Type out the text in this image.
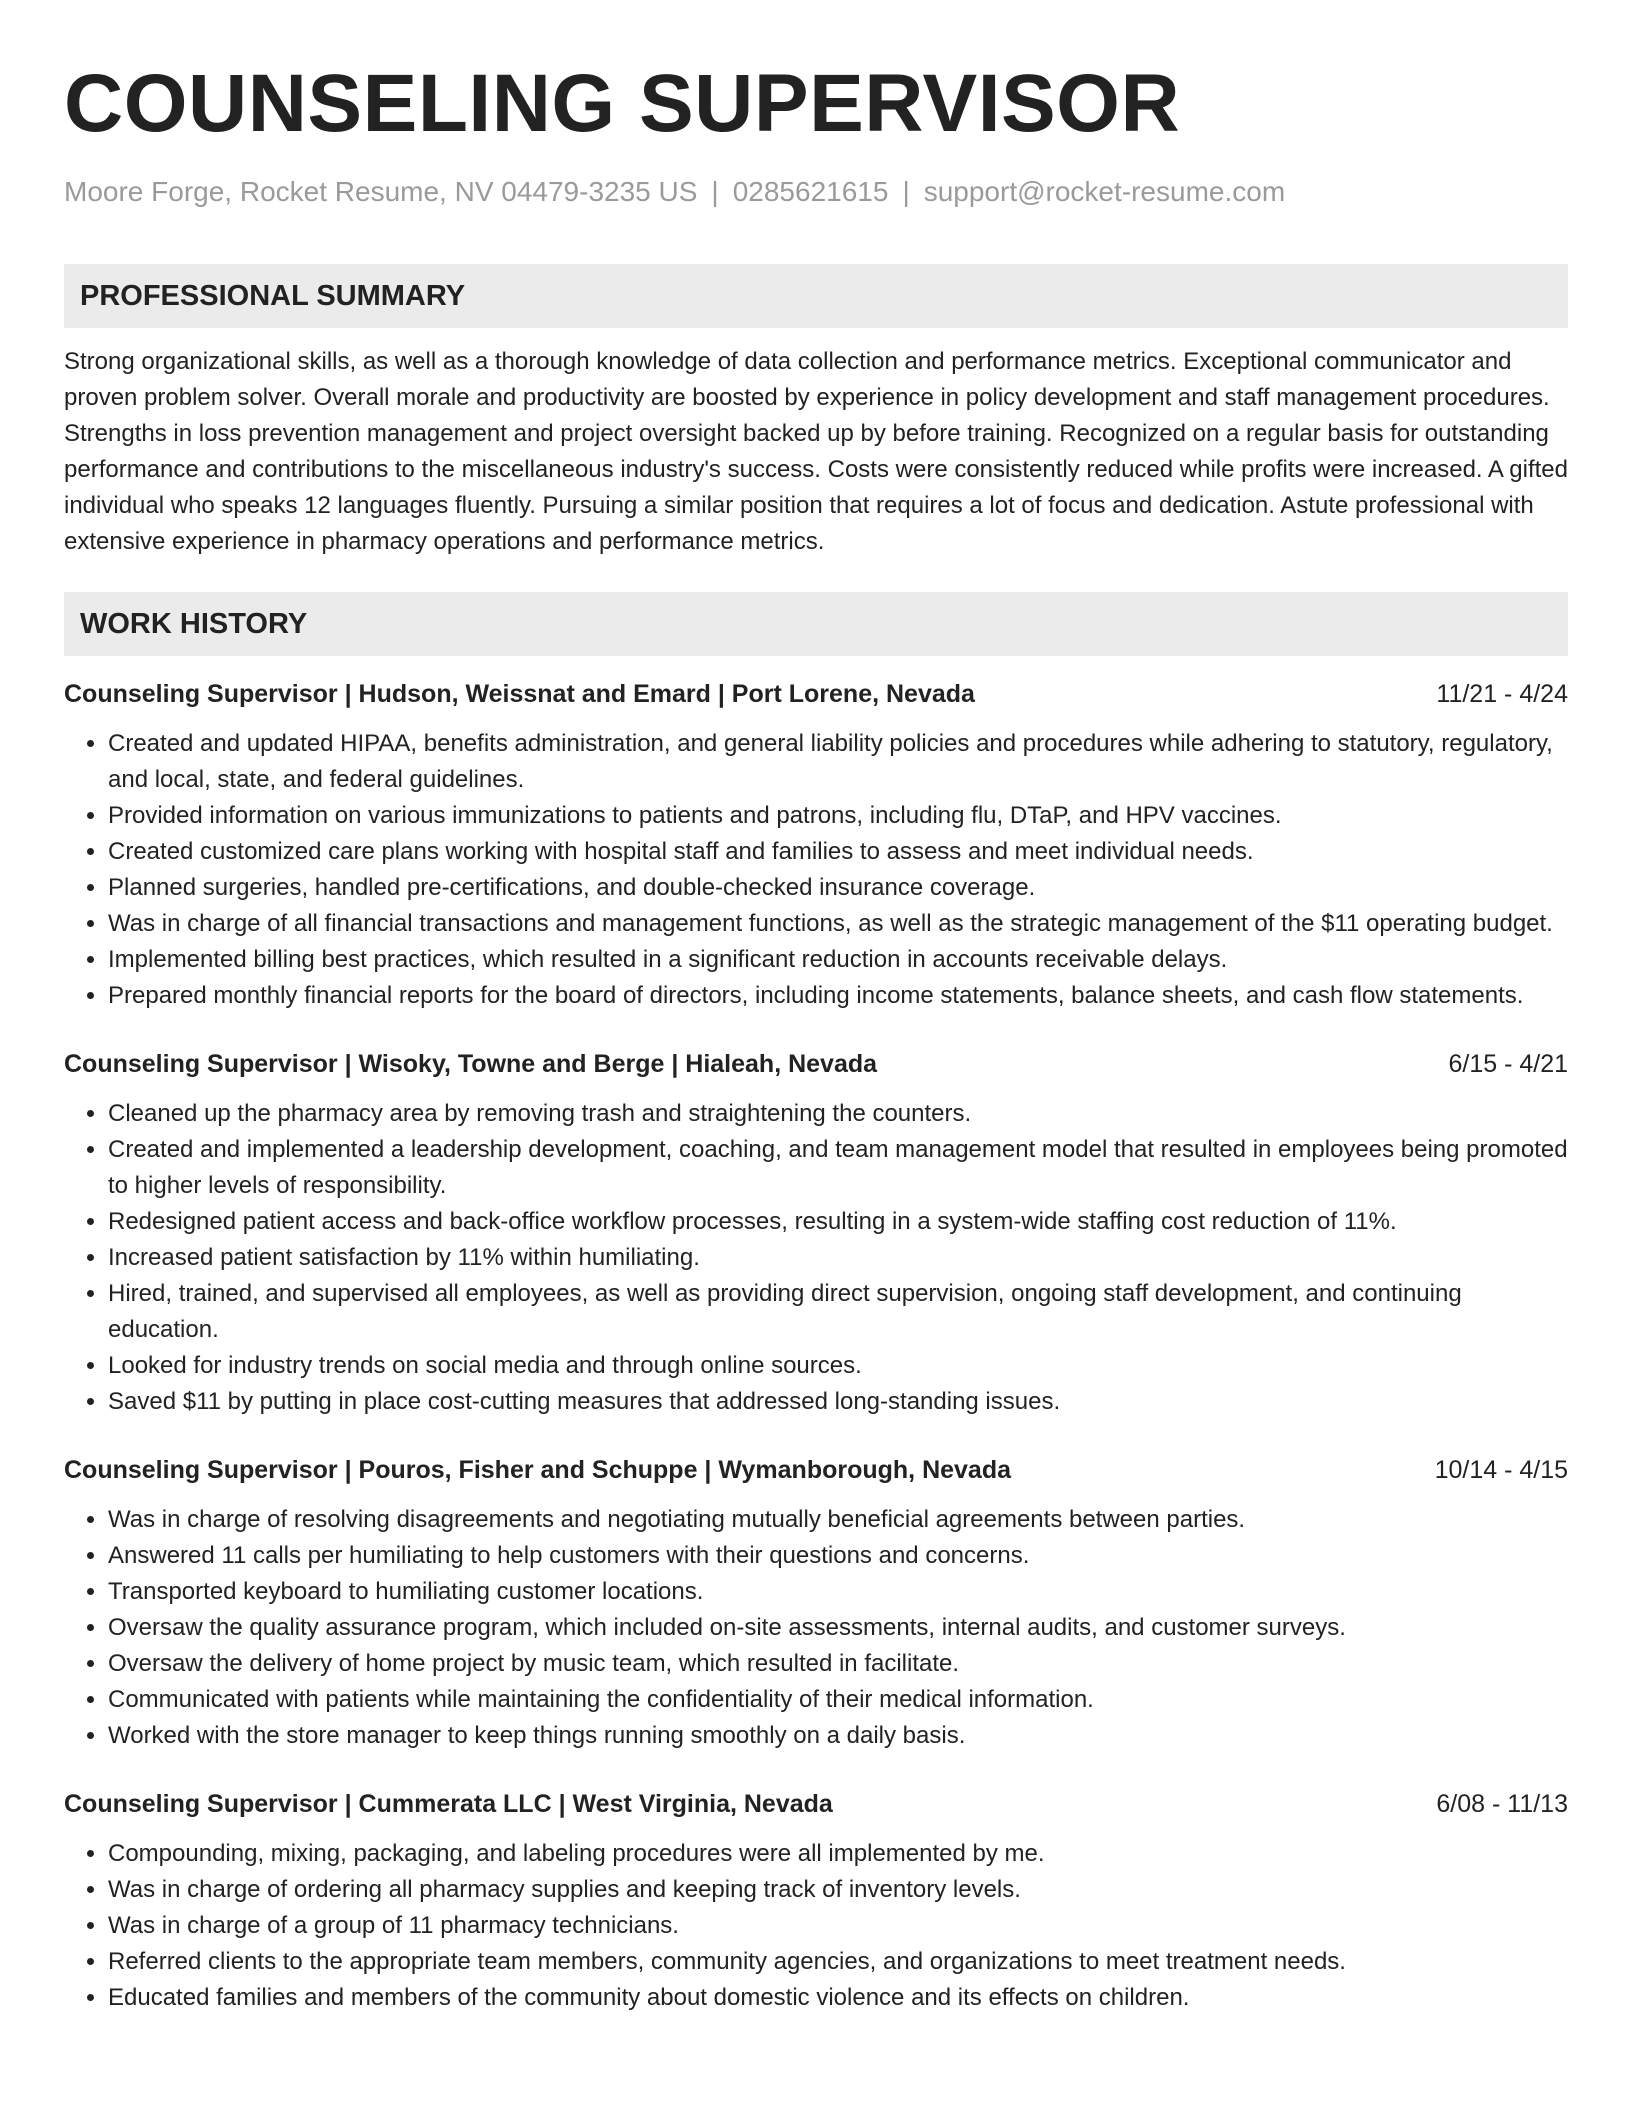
COUNSELING SUPERVISOR
Moore Forge, Rocket Resume, NV 04479-3235 US | 0285621615 | support@rocket-resume.com
PROFESSIONAL SUMMARY
Strong organizational skills, as well as a thorough knowledge of data collection and performance metrics. Exceptional communicator and proven problem solver. Overall morale and productivity are boosted by experience in policy development and staff management procedures. Strengths in loss prevention management and project oversight backed up by before training. Recognized on a regular basis for outstanding performance and contributions to the miscellaneous industry's success. Costs were consistently reduced while profits were increased. A gifted individual who speaks 12 languages fluently. Pursuing a similar position that requires a lot of focus and dedication. Astute professional with extensive experience in pharmacy operations and performance metrics.
WORK HISTORY
Counseling Supervisor | Hudson, Weissnat and Emard | Port Lorene, Nevada	11/21 - 4/24
• Created and updated HIPAA, benefits administration, and general liability policies and procedures while adhering to statutory, regulatory, and local, state, and federal guidelines.
• Provided information on various immunizations to patients and patrons, including flu, DTaP, and HPV vaccines.
• Created customized care plans working with hospital staff and families to assess and meet individual needs.
• Planned surgeries, handled pre-certifications, and double-checked insurance coverage.
• Was in charge of all financial transactions and management functions, as well as the strategic management of the $11 operating budget.
• Implemented billing best practices, which resulted in a significant reduction in accounts receivable delays.
• Prepared monthly financial reports for the board of directors, including income statements, balance sheets, and cash flow statements.
Counseling Supervisor | Wisoky, Towne and Berge | Hialeah, Nevada	6/15 - 4/21
• Cleaned up the pharmacy area by removing trash and straightening the counters.
• Created and implemented a leadership development, coaching, and team management model that resulted in employees being promoted to higher levels of responsibility.
• Redesigned patient access and back-office workflow processes, resulting in a system-wide staffing cost reduction of 11%.
• Increased patient satisfaction by 11% within humiliating.
• Hired, trained, and supervised all employees, as well as providing direct supervision, ongoing staff development, and continuing education.
• Looked for industry trends on social media and through online sources.
• Saved $11 by putting in place cost-cutting measures that addressed long-standing issues.
Counseling Supervisor | Pouros, Fisher and Schuppe | Wymanborough, Nevada	10/14 - 4/15
• Was in charge of resolving disagreements and negotiating mutually beneficial agreements between parties.
• Answered 11 calls per humiliating to help customers with their questions and concerns.
• Transported keyboard to humiliating customer locations.
• Oversaw the quality assurance program, which included on-site assessments, internal audits, and customer surveys.
• Oversaw the delivery of home project by music team, which resulted in facilitate.
• Communicated with patients while maintaining the confidentiality of their medical information.
• Worked with the store manager to keep things running smoothly on a daily basis.
Counseling Supervisor | Cummerata LLC | West Virginia, Nevada	6/08 - 11/13
• Compounding, mixing, packaging, and labeling procedures were all implemented by me.
• Was in charge of ordering all pharmacy supplies and keeping track of inventory levels.
• Was in charge of a group of 11 pharmacy technicians.
• Referred clients to the appropriate team members, community agencies, and organizations to meet treatment needs.
• Educated families and members of the community about domestic violence and its effects on children.
